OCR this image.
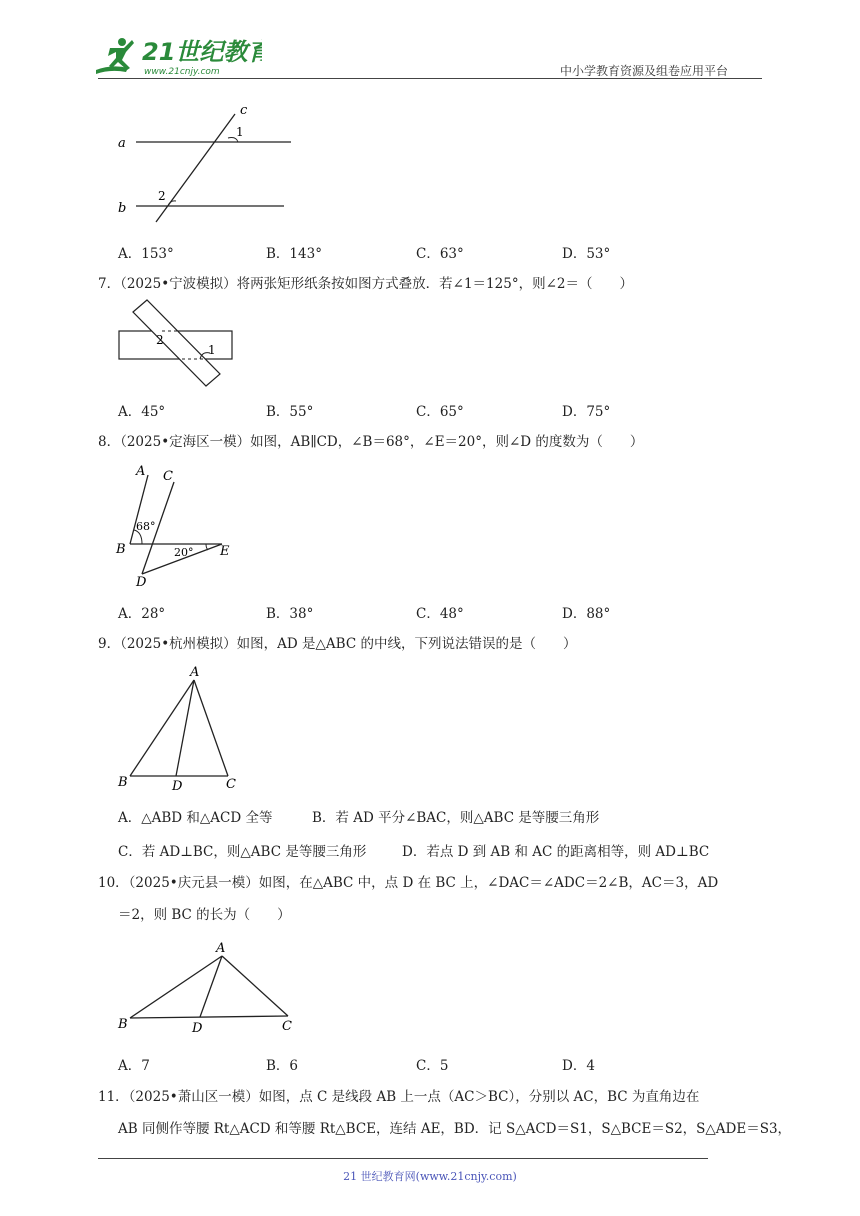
21世纪教育
www.21cnjy.com	中小学教育资源及组卷应用平台
a
b
c
1
2
A．153°	B．143°	C．63°	D．53°
7．（2025•宁波模拟）将两张矩形纸条按如图方式叠放．若∠1＝125°，则∠2＝（　　）
2
1
A．45°	B．55°	C．65°	D．75°
8．（2025•定海区一模）如图，AB∥CD，∠B＝68°，∠E＝20°，则∠D 的度数为（　　）
A C
B	E
D
68°
20°
A．28°	B．38°	C．48°	D．88°
9．（2025•杭州模拟）如图，AD 是△ABC 的中线，下列说法错误的是（　　）
A
B	D	C
A．△ABD 和△ACD 全等	B．若 AD 平分∠BAC，则△ABC 是等腰三角形
C．若 AD⊥BC，则△ABC 是等腰三角形	D．若点 D 到 AB 和 AC 的距离相等，则 AD⊥BC
10．（2025•庆元县一模）如图，在△ABC 中，点 D 在 BC 上，∠DAC＝∠ADC＝2∠B，AC＝3，AD
＝2，则 BC 的长为（　　）
A
B	D	C
A．7	B．6	C．5	D．4
11．（2025•萧山区一模）如图，点 C 是线段 AB 上一点（AC＞BC），分别以 AC，BC 为直角边在
AB 同侧作等腰 Rt△ACD 和等腰 Rt△BCE，连结 AE，BD．记 S△ACD＝S1，S△BCE＝S2，S△ADE＝S3，
21 世纪教育网(www.21cnjy.com)
